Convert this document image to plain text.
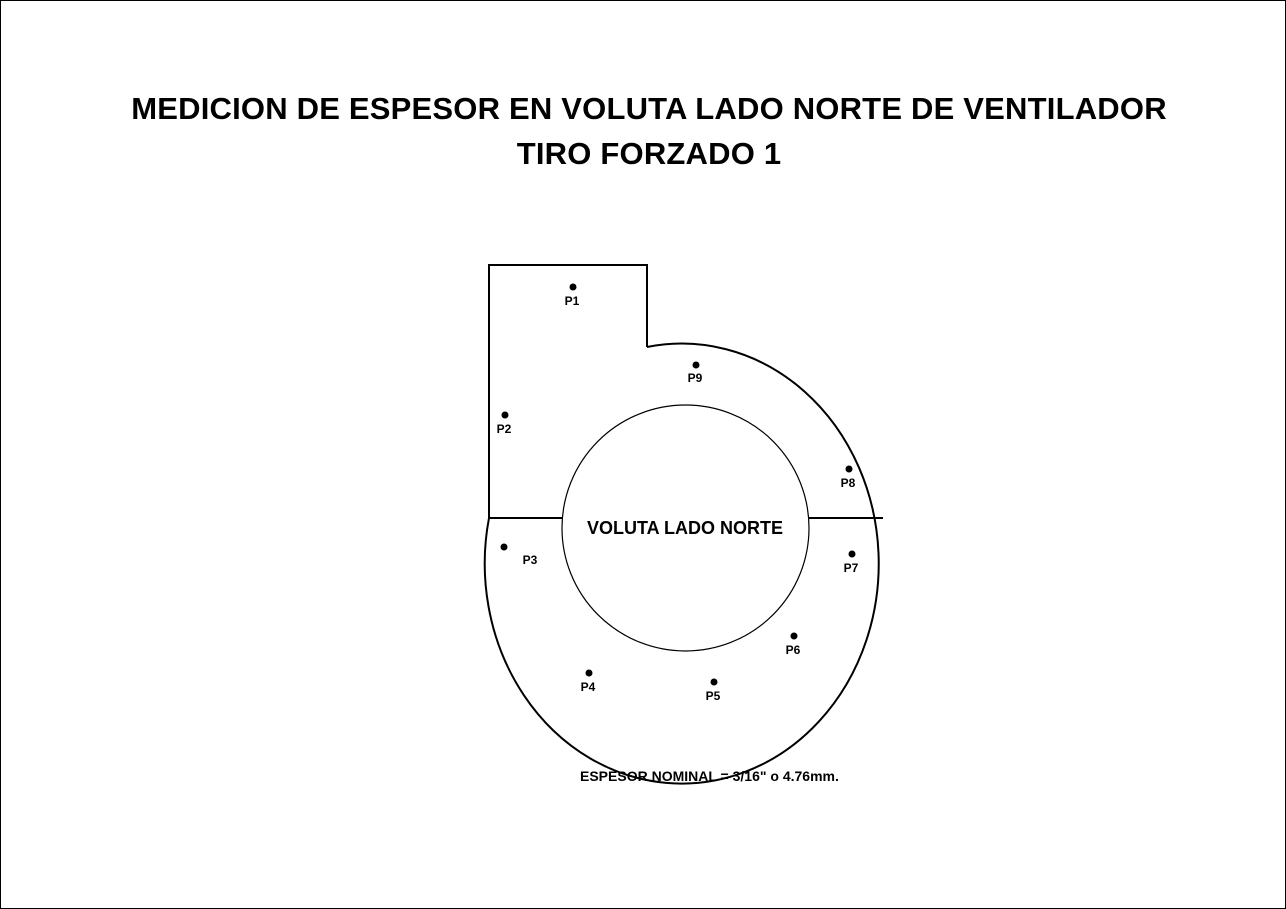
MEDICION DE ESPESOR EN VOLUTA LADO NORTE DE VENTILADOR
TIRO FORZADO 1
VOLUTA LADO NORTE
P1
P2
P3
P4
P5
P6
P7
P8
P9
ESPESOR NOMINAL = 3/16" o 4.76mm.
